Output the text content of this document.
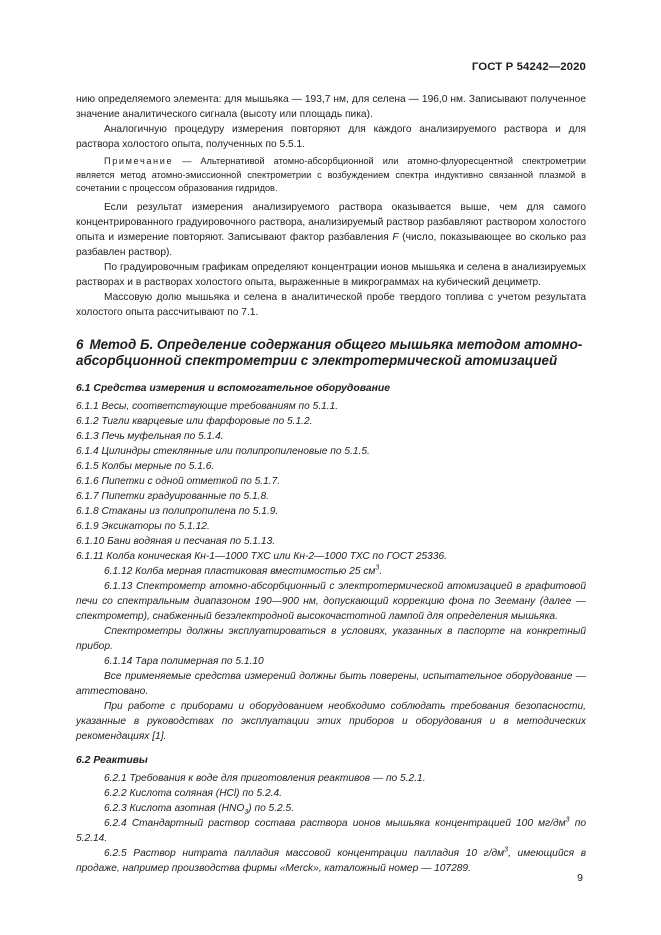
ГОСТ Р 54242—2020

нию определяемого элемента: для мышьяка — 193,7 нм, для селена — 196,0 нм. Записывают полученное значение аналитического сигнала (высоту или площадь пика).

Аналогичную процедуру измерения повторяют для каждого анализируемого раствора и для раствора холостого опыта, полученных по 5.5.1.

Примечание — Альтернативой атомно-абсорбционной или атомно-флуоресцентной спектрометрии является метод атомно-эмиссионной спектрометрии с возбуждением спектра индуктивно связанной плазмой в сочетании с процессом образования гидридов.

Если результат измерения анализируемого раствора оказывается выше, чем для самого концентрированного градуировочного раствора, анализируемый раствор разбавляют раствором холостого опыта и измерение повторяют. Записывают фактор разбавления F (число, показывающее во сколько раз разбавлен раствор).

По градуировочным графикам определяют концентрации ионов мышьяка и селена в анализируемых растворах и в растворах холостого опыта, выраженные в микрограммах на кубический дециметр.

Массовую долю мышьяка и селена в аналитической пробе твердого топлива с учетом результата холостого опыта рассчитывают по 7.1.

6 Метод Б. Определение содержания общего мышьяка методом атомно-абсорбционной спектрометрии с электротермической атомизацией
6.1 Средства измерения и вспомогательное оборудование

6.1.1 Весы, соответствующие требованиям по 5.1.1.

6.1.2 Тигли кварцевые или фарфоровые по 5.1.2.

6.1.3 Печь муфельная по 5.1.4.

6.1.4 Цилиндры стеклянные или полипропиленовые по 5.1.5.

6.1.5 Колбы мерные по 5.1.6.

6.1.6 Пипетки с одной отметкой по 5.1.7.

6.1.7 Пипетки градуированные по 5.1.8.

6.1.8 Стаканы из полипропилена по 5.1.9.

6.1.9 Эксикаторы по 5.1.12.

6.1.10 Бани водяная и песчаная по 5.1.13.

6.1.11 Колба коническая Кн-1—1000 ТХС или Кн-2—1000 ТХС по ГОСТ 25336.

6.1.12 Колба мерная пластиковая вместимостью 25 $см^3$.

6.1.13 Спектрометр атомно-абсорбционный с электротермической атомизацией в графитовой печи со спектральным диапазоном 190—900 нм, допускающий коррекцию фона по Зееману (далее — спектрометр), снабженный безэлектродной высокочастотной лампой для определения мышьяка.

Спектрометры должны эксплуатироваться в условиях, указанных в паспорте на конкретный прибор.

6.1.14 Тара полимерная по 5.1.10

Все применяемые средства измерений должны быть поверены, испытательное оборудование — аттестовано.

При работе с приборами и оборудованием необходимо соблюдать требования безопасности, указанные в руководствах по эксплуатации этих приборов и оборудования и в методических рекомендациях [1].

6.2 Реактивы

6.2.1 Требования к воде для приготовления реактивов — по 5.2.1.

6.2.2 Кислота соляная (HCl) по 5.2.4.

6.2.3 Кислота азотная $(HNO_3)$ по 5.2.5.

6.2.4 Стандартный раствор состава раствора ионов мышьяка концентрацией 100 $мг/дм^3$ по 5.2.14.

6.2.5 Раствор нитрата палладия массовой концентрации палладия 10 $г/дм^3$, имеющийся в продаже, например производства фирмы «Merck», каталожный номер — 107289.

9
